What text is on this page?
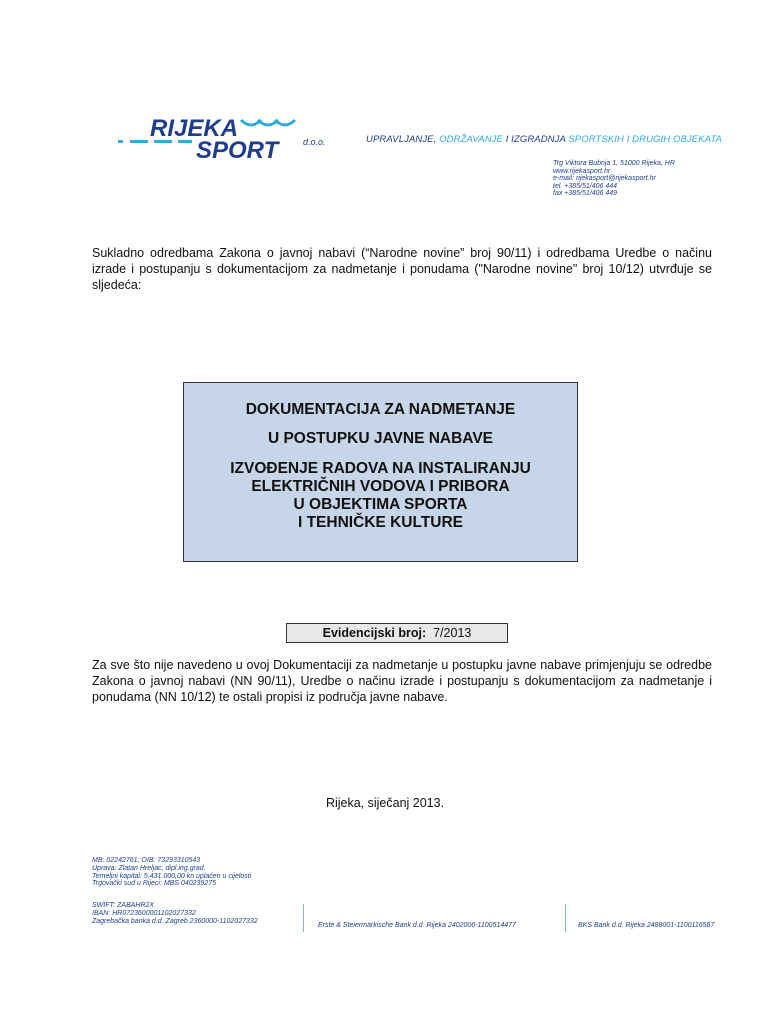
RIJEKA
SPORT	d.o.o.	UPRAVLJANJE, ODRŽAVANJE I IZGRADNJA SPORTSKIH I DRUGIH OBJEKATA
Trg Viktora Bubnja 1, 51000 Rijeka, HR
www.rijekasport.hr
e-mail: rijekasport@rijekasport.hr
tel. +385/51/406 444
fax +385/51/406 449
Sukladno odredbama Zakona o javnoj nabavi (“Narodne novine” broj 90/11) i odredbama Uredbe o načinu izrade i postupanju s dokumentacijom za nadmetanje i ponudama ("Narodne novine" broj 10/12) utvrđuje se sljedeća:
DOKUMENTACIJA ZA NADMETANJE
U POSTUPKU JAVNE NABAVE
IZVOĐENJE RADOVA NA INSTALIRANJU
ELEKTRIČNIH VODOVA I PRIBORA
U OBJEKTIMA SPORTA
I TEHNIČKE KULTURE
Evidencijski broj: 7/2013
Za sve što nije navedeno u ovoj Dokumentaciji za nadmetanje u postupku javne nabave primjenjuju se odredbe Zakona o javnoj nabavi (NN 90/11), Uredbe o načinu izrade i postupanju s dokumentacijom za nadmetanje i ponudama (NN 10/12) te ostali propisi iz područja javne nabave.
Rijeka, siječanj 2013.
MB: 02242761; OIB: 73293310543
Uprava: Zlatan Hreljac, dipl.ing.grad.
Temeljni kapital: 5.431.000,00 kn uplaćen u cijelosti
Trgovački sud u Rijeci: MBS 040239275
SWIFT: ZABAHR2X
IBAN: HR0723600001102027332
Zagrebačka banka d.d. Zagreb 2360000-1102027332
Erste & Steiermärkische Bank d.d. Rijeka 2402006-1100514477	BKS Bank d.d. Rijeka 2488001-1100116587
